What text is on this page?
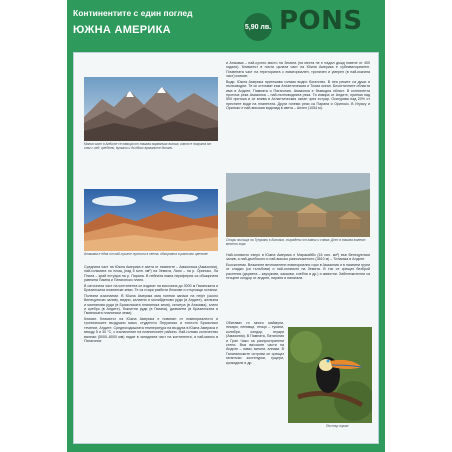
Континентите с един поглед
ЮЖНА АМЕРИКА	5,90 лв. PONS
Малка част в Андите се намира от такава хармоника висока, която е покрита от сняг с лед, хребети, вулкани и дълбоко врязаните долини.
Атакама е една от най-сухите пустини в света, обгърната в различни цветове

Средната част на Южна Америка е заета от низините – Амазонска (Амазония), най-голямата по площ (над 5 млн. км²) на Земята, Лано – на р. Ориноко, Ла Плата – край естуара на р. Парана. В нейната южна периферия са обширната равнина Пампа и Патагонско плато.

В източната част на континента се издигат на височина до 3000 м Гвианската и Бразилската планински земи. Те са стари разбити блокове и стърчащи останки.

Полезни изкопаеми. В Южна Америка има големи запаси на нефт (около Венецуелски залив), медни, калаени и молибденови руди (в Андите), желязна и манганова руда (в Бразилската планинска земя), селитра (в Атакама), злато и сребро (в Андите), бокситни руди (в Гвиана), диаманти (в Бразилската и Гвианската планински земи).

Климат. Климатът на Южна Америка е повлиян от екваториалното и тропическите въздушни маси, студеното Перуанско и топлото Бразилско течение, Андите. Средногодишната температура на въздуха в Южна Америка е между 5 и 30 °С, с изключение на планинските райони. Най-голямо количество валежи (5000–8000 мм) падат в западната част на континента, а най-малко в Патагония

и Атакама – най-сухото място на Земята (на места не е падал дъжд повече от 400 години). Климатът в почти цялата част на Южна Америка е субекваториален. Почвената част на територията с екваториален, тропичен и умерен (в най-южната част) климат.

Води. Южна Америка притежава голямо водно богатство. В нея реките са души и пълноводни. Те се оттичват към Атлантическия и Тихия океан. Безоттичните области има в Андите, Пампата и Патагония. Амазонка е безводна област. В континента протича река Амазонка – най-пълноводната река. Тя извира от Андите, приема над 500 притока и се влива в Атлантическия океан чрез естуар. Осигурява над 20% от пресните води на планетата. Други големи реки са Парана и Ориноко. В Игуасу и Ориноко е най-високия водопад в света – Анхел (1054 м).

Стари жилища на Тунукапи в Боливия, съградени от камък и слама. Днес в такива живеят местни хора.

Най-голямото езеро в Южна Америка е Маракайбо (16 хил. км²) във Венецуелски залив, а най-дълбокото и най-високо разположеното (3810 м) – Титикака в Андите.

Екосистеми. Влажните вечнозелени екваториални гори в Амазония и в наземни групи от сладки (са гълъбови) и най-голямото на Земята. В тях се срещат безброй растения (дървета – каучукови, какаови, хлебни и др.) и животни. Забележителни са птиците кондор от андите, пираня и папагали.

Обитават ги много маймуни, пекари, ленивци, птици – тукани, колибри, кондор, ягуари (Амазония). В Пампата, Патагония и Гран Чако са разпространени степи. Във високите части на Андите – лами, вигони, алпаки. В Галапагоските острови се срещат гигантски костенурки, гущери, крокодили и др.

Пъстър тукан
